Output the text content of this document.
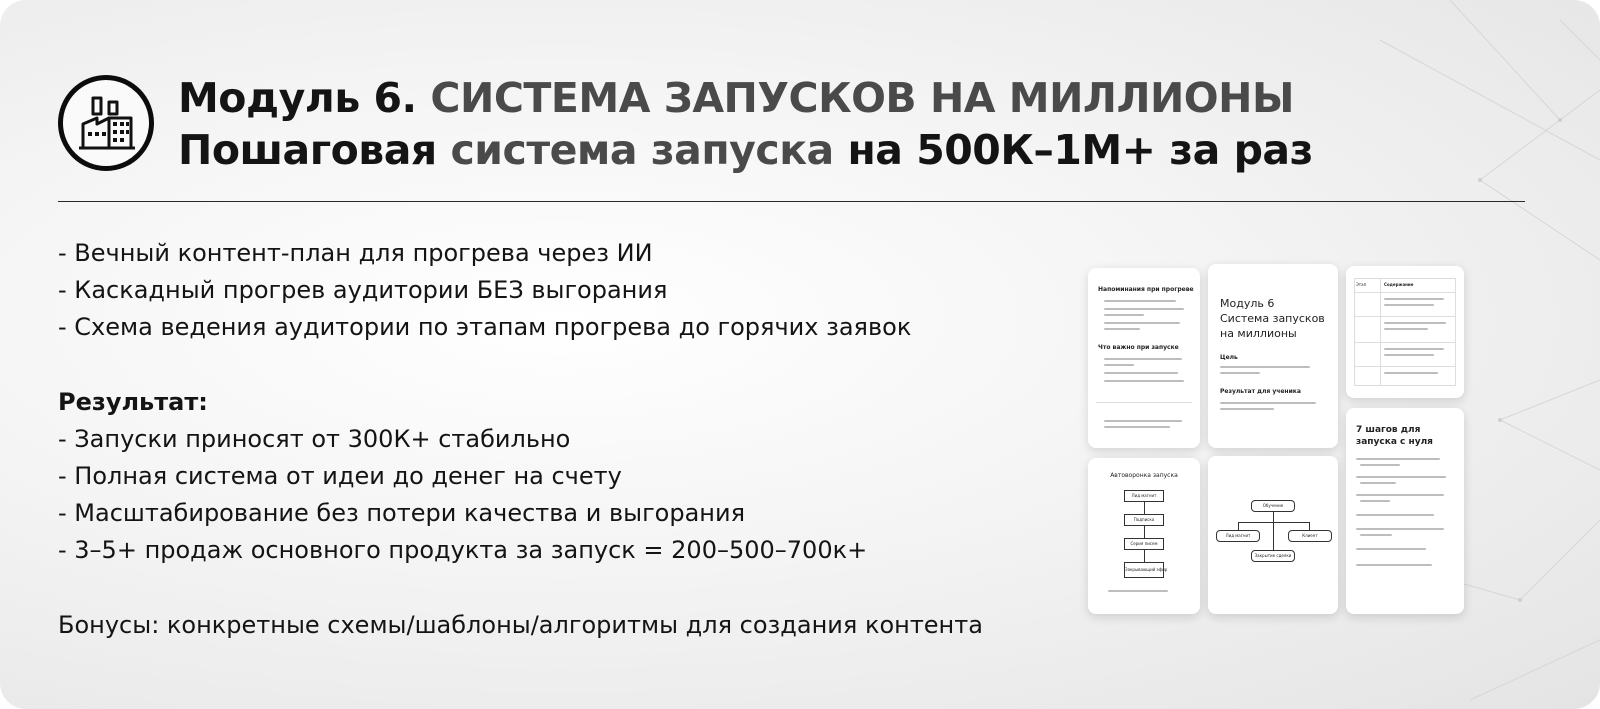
Модуль 6. СИСТЕМА ЗАПУСКОВ НА МИЛЛИОНЫ
Пошаговая система запуска на 500К–1М+ за раз
- Вечный контент-план для прогрева через ИИ
- Каскадный прогрев аудитории БЕЗ выгорания
- Схема ведения аудитории по этапам прогрева до горячих заявок
Результат:
- Запуски приносят от 300К+ стабильно
- Полная система от идеи до денег на счету
- Масштабирование без потери качества и выгорания
- 3–5+ продаж основного продукта за запуск = 200–500–700к+
Бонусы: конкретные схемы/шаблоны/алгоритмы для создания контента
Напоминания при прогреве
Что важно при запуске
Модуль 6
Система запусков
на миллионы
Цель
Результат для ученика
Этап	Содержание
Автоворонка запуска
Лид магнит
Подписка
Серия писем
Закрывающий эфир
Обучение
Лид магнит	Клиент
Закрытие сделки
7 шагов для
запуска с нуля
